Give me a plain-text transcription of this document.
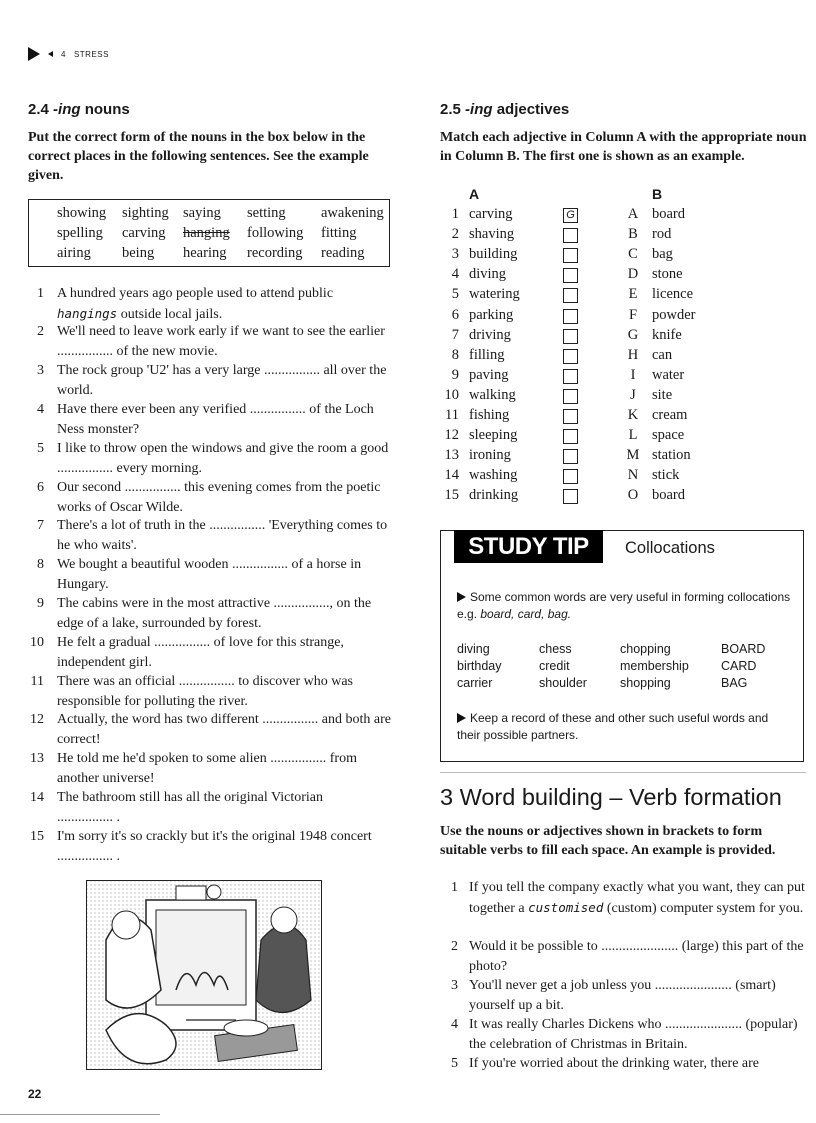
4 STRESS
2.4 -ing nouns
Put the correct form of the nouns in the box below in the correct places in the following sentences. See the example given.
showing sighting saying setting awakening
spelling carving hanging following fitting
airing being hearing recording reading
1 A hundred years ago people used to attend public
hangings outside local jails.
2 We'll need to leave work early if we want to see the earlier ................ of the new movie.
3 The rock group 'U2' has a very large ................ all over the world.
4 Have there ever been any verified ................ of the Loch Ness monster?
5 I like to throw open the windows and give the room a good ................ every morning.
6 Our second ................ this evening comes from the poetic works of Oscar Wilde.
7 There's a lot of truth in the ................ 'Everything comes to he who waits'.
8 We bought a beautiful wooden ................ of a horse in Hungary.
9 The cabins were in the most attractive ................, on the edge of a lake, surrounded by forest.
10 He felt a gradual ................ of love for this strange, independent girl.
11 There was an official ................ to discover who was responsible for polluting the river.
12 Actually, the word has two different ................ and both are correct!
13 He told me he'd spoken to some alien ................ from another universe!
14 The bathroom still has all the original Victorian
................ .
15 I'm sorry it's so crackly but it's the original 1948 concert ................ .
2.5 -ing adjectives
Match each adjective in Column A with the appropriate noun in Column B. The first one is shown as an example.
A	B
1 carving	G	A board
2 shaving	B rod
3 building	C bag
4 diving	D stone
5 watering	E licence
6 parking	F powder
7 driving	G knife
8 filling	H can
9 paving	I	water
10 walking	J site
11 fishing	K cream
12 sleeping	L space
13 ironing	M station
14 washing	N stick
15 drinking	O board
STUDY TIP	Collocations
Some common words are very useful in forming collocations e.g. board, card, bag.
diving	chess	chopping	BOARD
birthday	credit	membership	CARD
carrier	shoulder	shopping	BAG
Keep a record of these and other such useful words and their possible partners.
3 Word building – Verb formation
Use the nouns or adjectives shown in brackets to form suitable verbs to fill each space. An example is provided.
1 If you tell the company exactly what you want, they can put together a customised (custom) computer system for you.
2 Would it be possible to ...................... (large) this part of the photo?
3 You'll never get a job unless you ...................... (smart) yourself up a bit.
4 It was really Charles Dickens who ...................... (popular) the celebration of Christmas in Britain.
5 If you're worried about the drinking water, there are
22
